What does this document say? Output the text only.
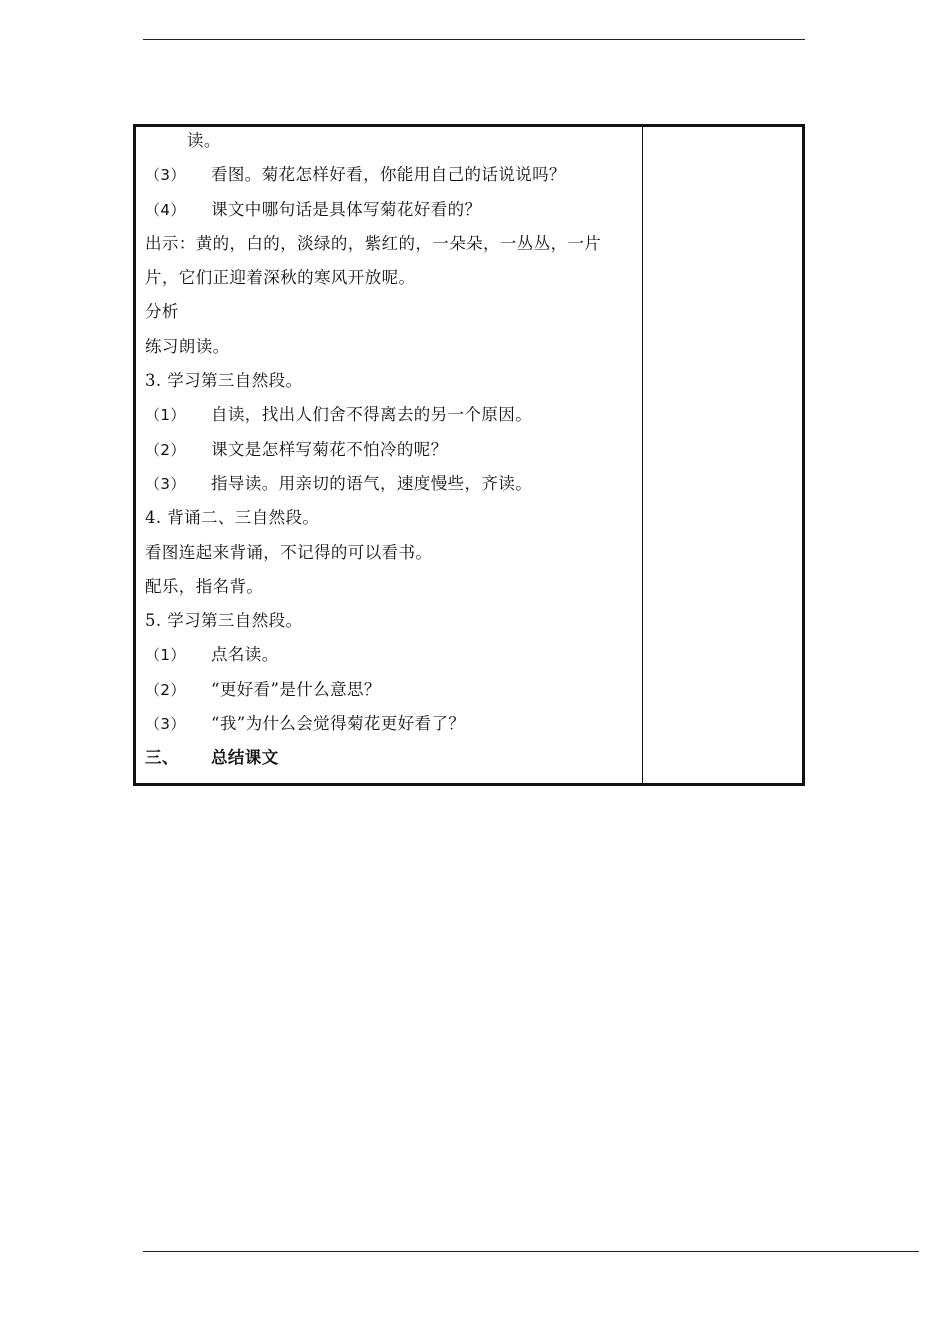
读。
（3） 看图。菊花怎样好看，你能用自己的话说说吗？
（4） 课文中哪句话是具体写菊花好看的？
出示：黄的，白的，淡绿的，紫红的，一朵朵，一丛丛，一片
片，它们正迎着深秋的寒风开放呢。
分析
练习朗读。
3. 学习第三自然段。
（1） 自读，找出人们舍不得离去的另一个原因。
（2） 课文是怎样写菊花不怕冷的呢？
（3） 指导读。用亲切的语气，速度慢些，齐读。
4. 背诵二、三自然段。
看图连起来背诵，不记得的可以看书。
配乐，指名背。
5. 学习第三自然段。
（1） 点名读。
（2） “更好看”是什么意思？
（3） “我”为什么会觉得菊花更好看了？
三、 总结课文
